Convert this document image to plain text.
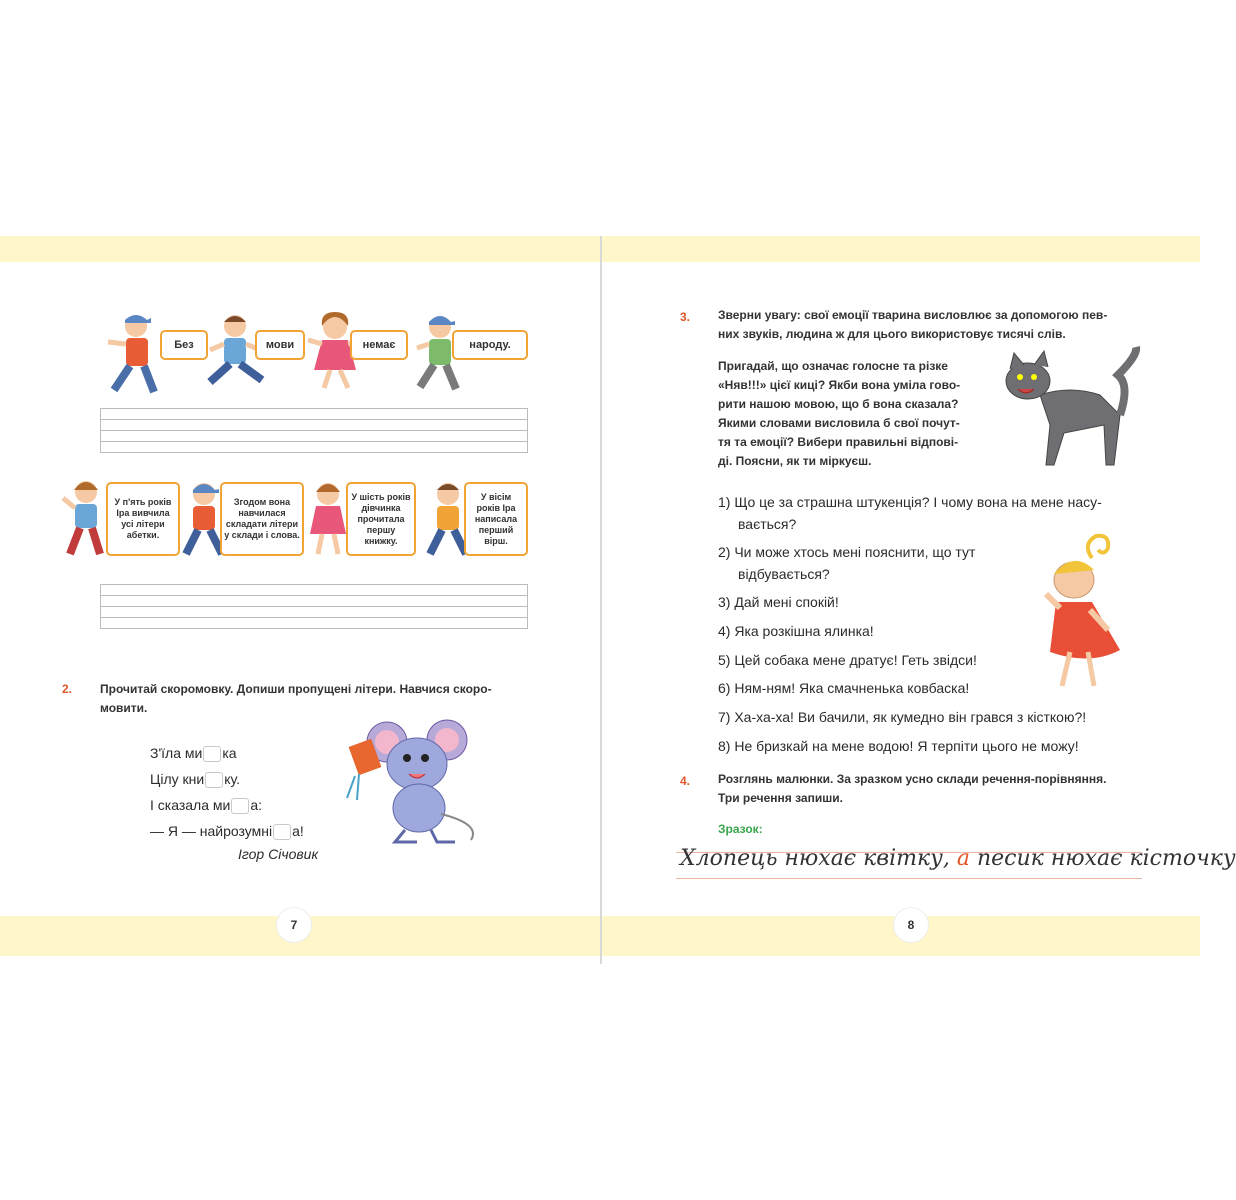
Без	мови	немає	народу.
У п'ять років Іра вивчила усі літери абетки.
Згодом вона навчилася складати літери у склади і слова.
У шість років дівчинка прочитала першу книжку.
У вісім років Іра написала перший вірш.
2. Прочитай скоромовку. Допиши пропущені літери. Навчися скоро-
мовити.
З'їла ми ка
Цілу кни ку.
І сказала ми а:
— Я — найрозумні а!
Ігор Січовик
7
3. Зверни увагу: свої емоції тварина висловлює за допомогою пев-
них звуків, людина ж для цього використовує тисячі слів.
Пригадай, що означає голосне та різке
«Няв!!!» цієї киці? Якби вона уміла гово-
рити нашою мовою, що б вона сказала?
Якими словами висловила б свої почут-
тя та емоції? Вибери правильні відпові-
ді. Поясни, як ти міркуєш.
1) Що це за страшна штукенція? І чому вона на мене насу-
вається?
2) Чи може хтось мені пояснити, що тут
відбувається?
3) Дай мені спокій!
4) Яка розкішна ялинка!
5) Цей собака мене дратує! Геть звідси!
6) Ням-ням! Яка смачненька ковбаска!
7) Ха-ха-ха! Ви бачили, як кумедно він грався з кісткою?!
8) Не бризкай на мене водою! Я терпіти цього не можу!
4. Розглянь малюнки. За зразком усно склади речення-порівняння.
Три речення запиши.
Зразок:
Хлопець нюхає квітку, а песик нюхає кісточку
8
